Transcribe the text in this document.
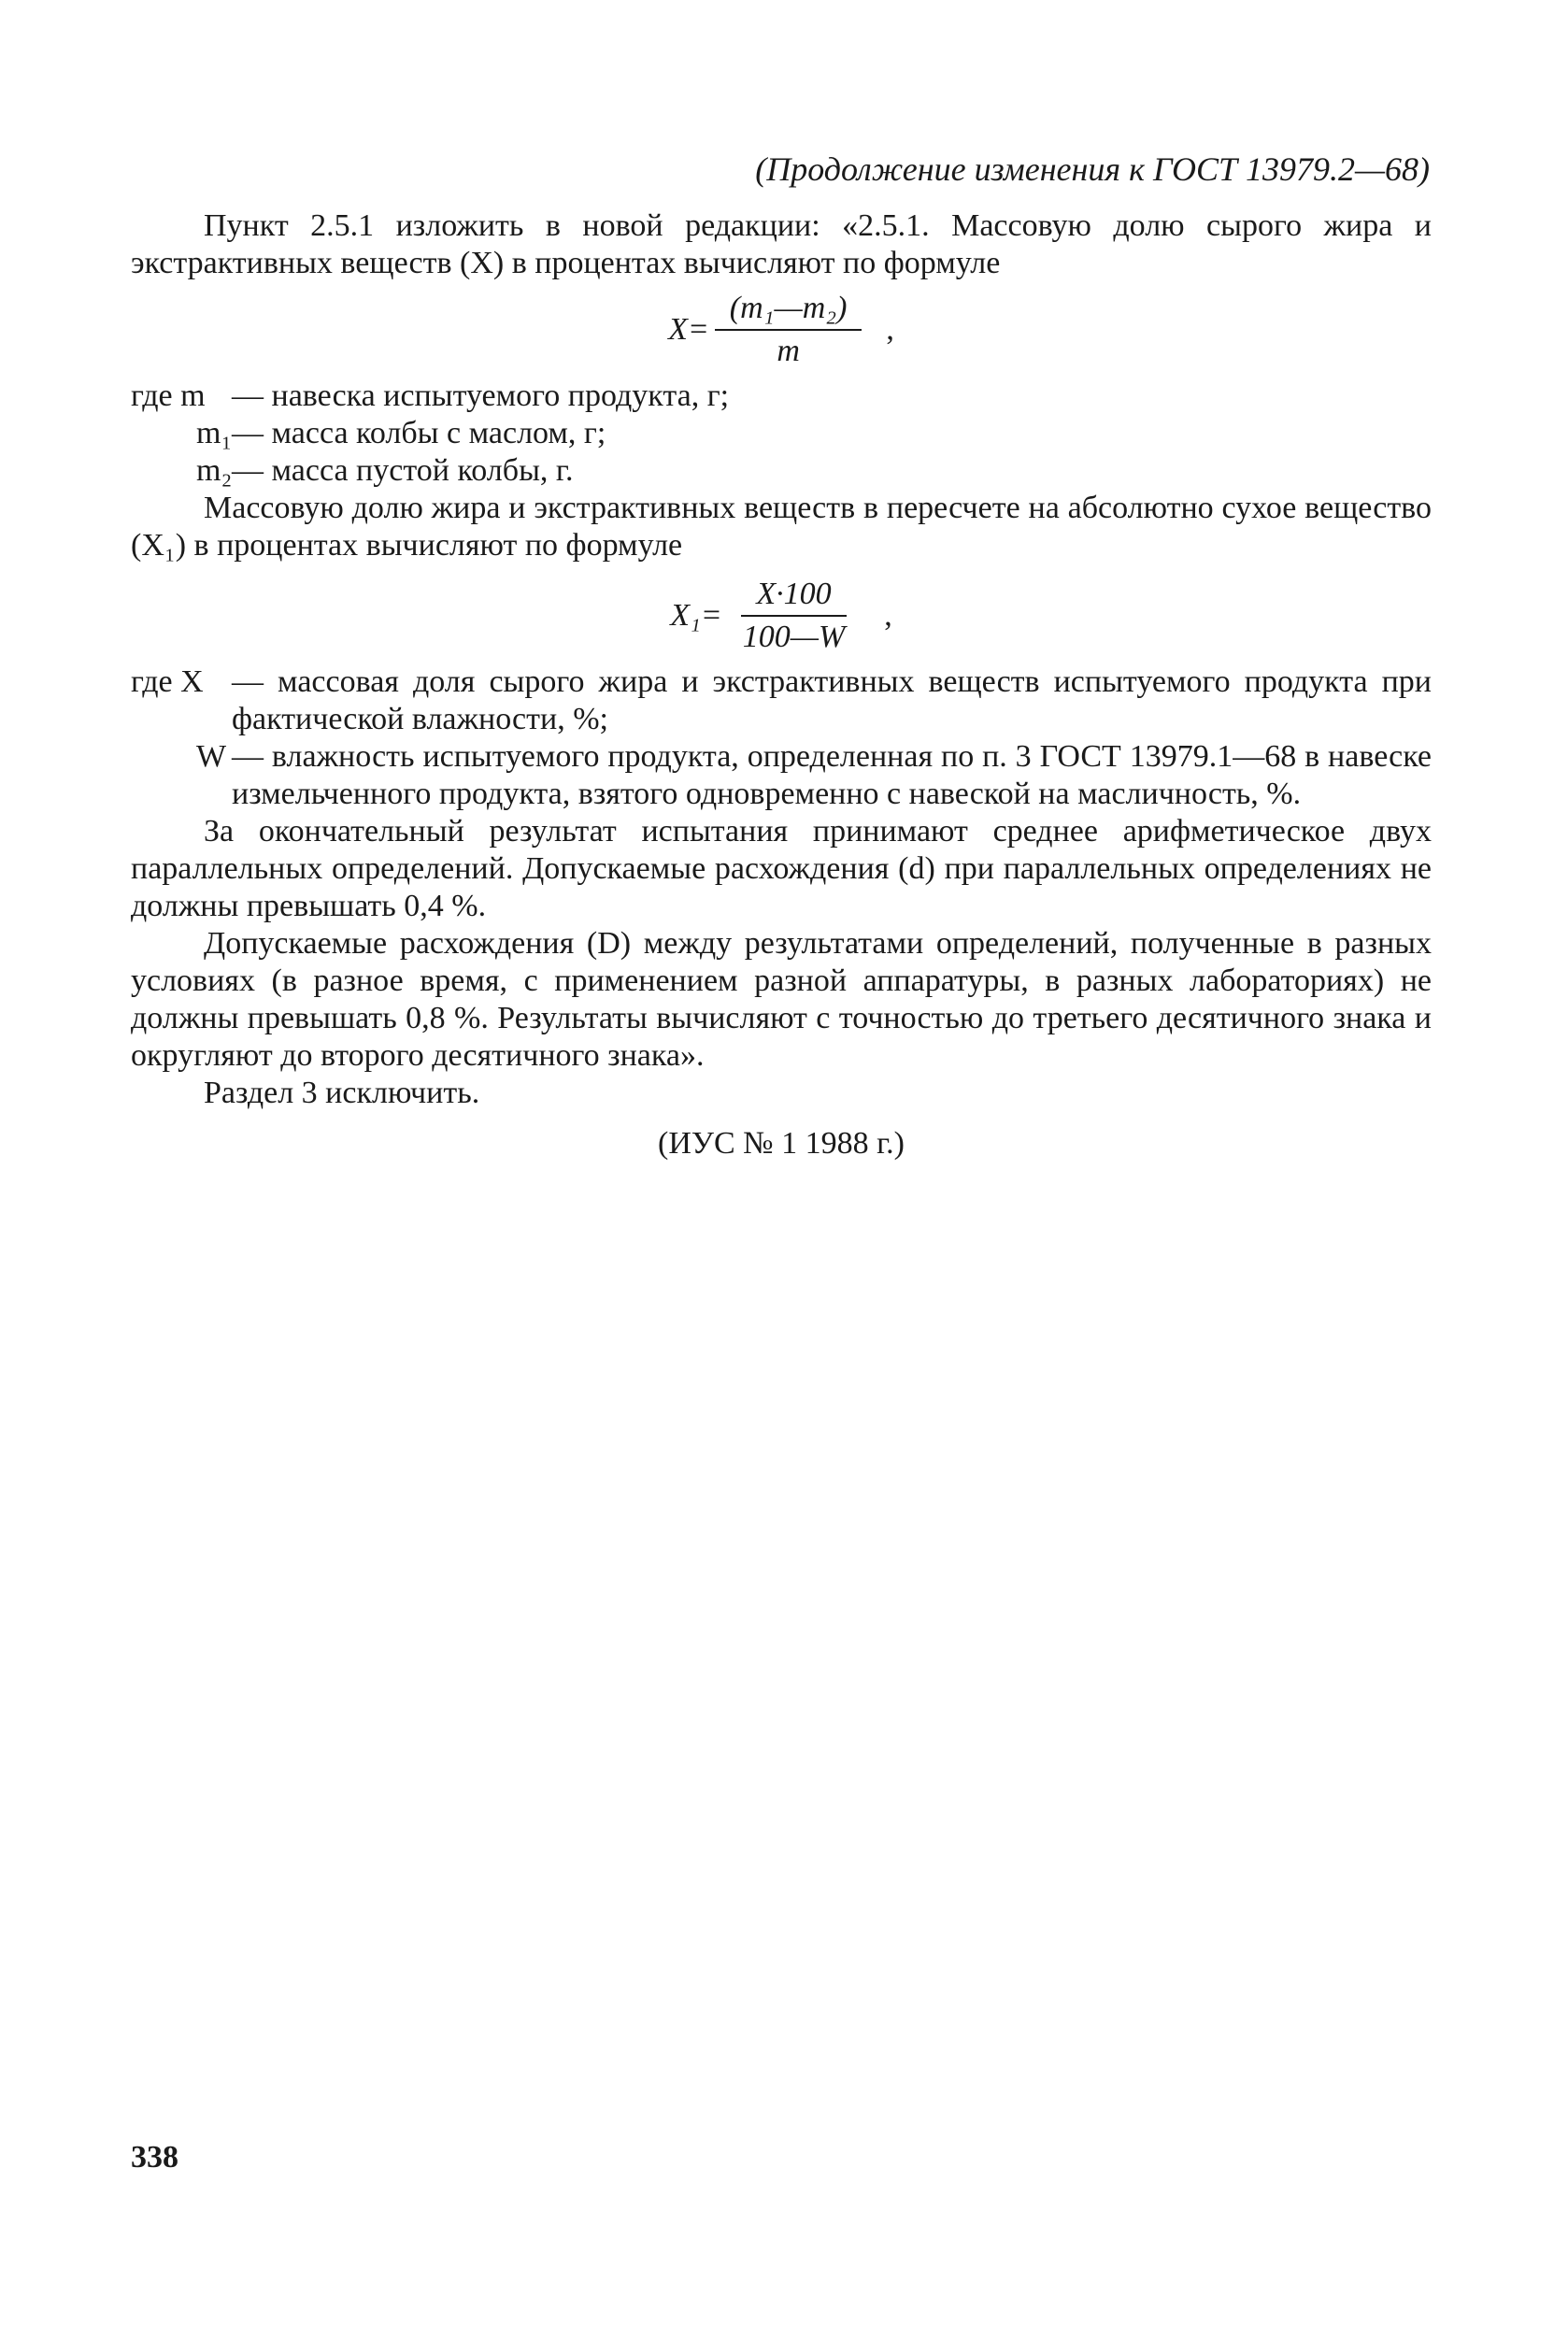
(Продолжение изменения к ГОСТ 13979.2—68)

Пункт 2.5.1 изложить в новой редакции: «2.5.1. Массовую долю сырого жира и экстрактивных веществ (X) в процентах вычисляют по формуле

$X= \frac{\text{(m₁—m₂)}}{m}$ ,
где m — навеска испытуемого продукта, г;
m₁ — масса колбы с маслом, г;
m₂ — масса пустой колбы, г.

Массовую долю жира и экстрактивных веществ в пересчете на абсолютно сухое вещество (X₁) в процентах вычисляют по формуле

$X_1= \frac{X\cdot 100}{100—W}$ ,
где X — массовая доля сырого жира и экстрактивных веществ испытуемого продукта при фактической влажности, %;
W — влажность испытуемого продукта, определенная по п. 3 ГОСТ 13979.1—68 в навеске измельченного продукта, взятого одновременно с навеской на масличность, %.

За окончательный результат испытания принимают среднее арифметическое двух параллельных определений. Допускаемые расхождения (d) при параллельных определениях не должны превышать 0,4 %.

Допускаемые расхождения (D) между результатами определений, полученные в разных условиях (в разное время, с применением разной аппаратуры, в разных лабораториях) не должны превышать 0,8 %. Результаты вычисляют с точностью до третьего десятичного знака и округляют до второго десятичного знака».

Раздел 3 исключить.

(ИУС № 1 1988 г.)
338
